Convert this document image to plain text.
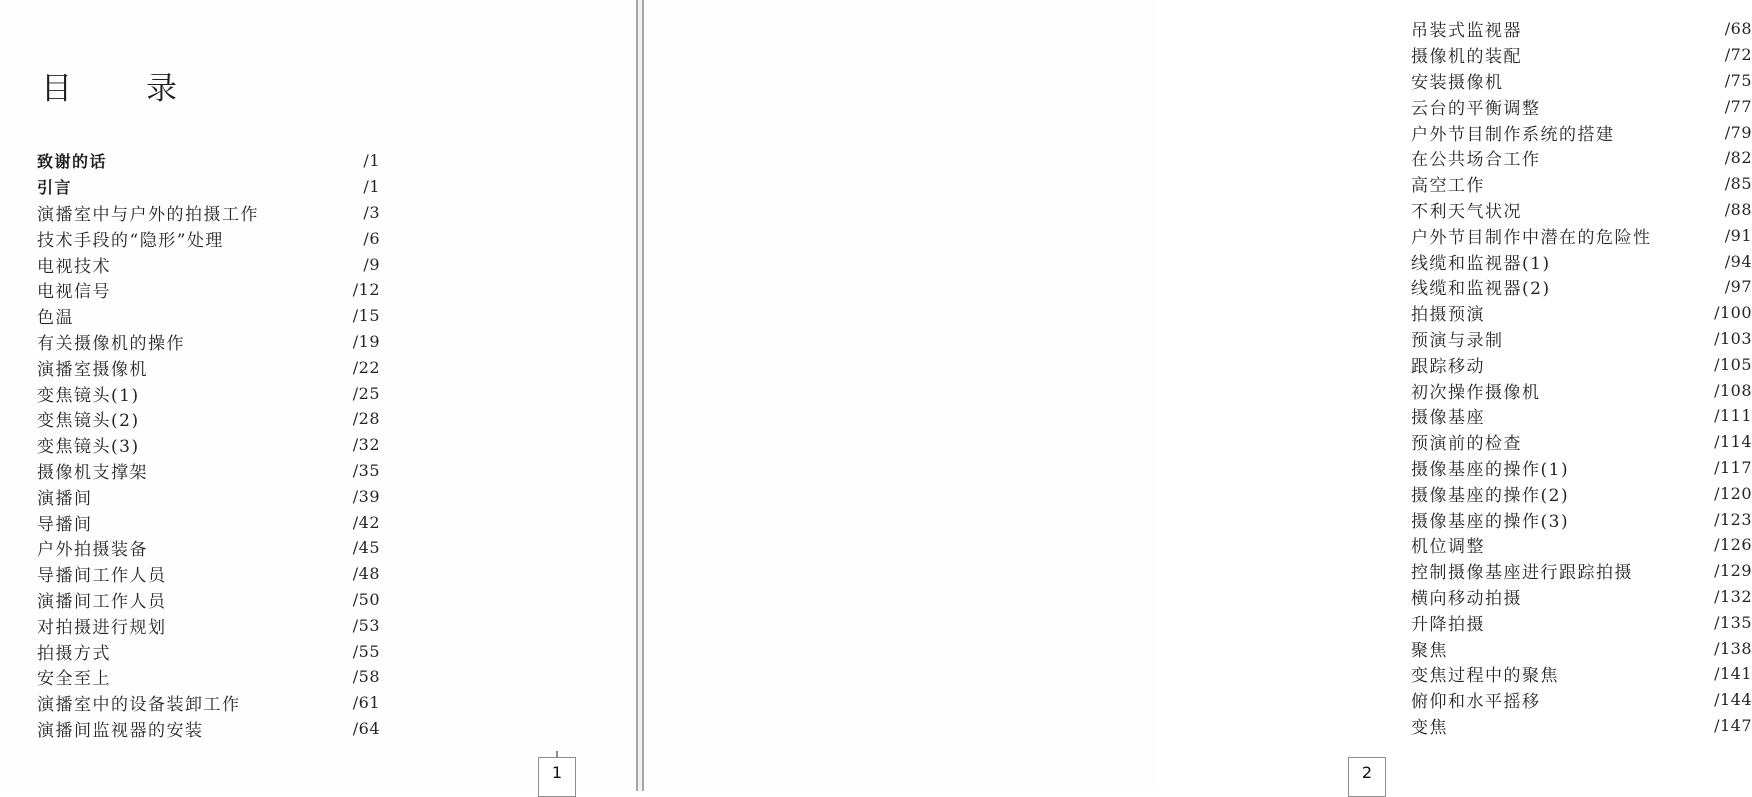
目 录
致谢的话	/1
引言	/1
演播室中与户外的拍摄工作	/3
技术手段的“隐形”处理	/6
电视技术	/9
电视信号	/12
色温	/15
有关摄像机的操作	/19
演播室摄像机	/22
变焦镜头(1)	/25
变焦镜头(2)	/28
变焦镜头(3)	/32
摄像机支撑架	/35
演播间	/39
导播间	/42
户外拍摄装备	/45
导播间工作人员	/48
演播间工作人员	/50
对拍摄进行规划	/53
拍摄方式	/55
安全至上	/58
演播室中的设备装卸工作	/61
演播间监视器的安装	/64
1
吊装式监视器	/68
摄像机的装配	/72
安装摄像机	/75
云台的平衡调整	/77
户外节目制作系统的搭建	/79
在公共场合工作	/82
高空工作	/85
不利天气状况	/88
户外节目制作中潜在的危险性	/91
线缆和监视器(1)	/94
线缆和监视器(2)	/97
拍摄预演	/100
预演与录制	/103
跟踪移动	/105
初次操作摄像机	/108
摄像基座	/111
预演前的检查	/114
摄像基座的操作(1)	/117
摄像基座的操作(2)	/120
摄像基座的操作(3)	/123
机位调整	/126
控制摄像基座进行跟踪拍摄	/129
横向移动拍摄	/132
升降拍摄	/135
聚焦	/138
变焦过程中的聚焦	/141
俯仰和水平摇移	/144
变焦	/147
2
